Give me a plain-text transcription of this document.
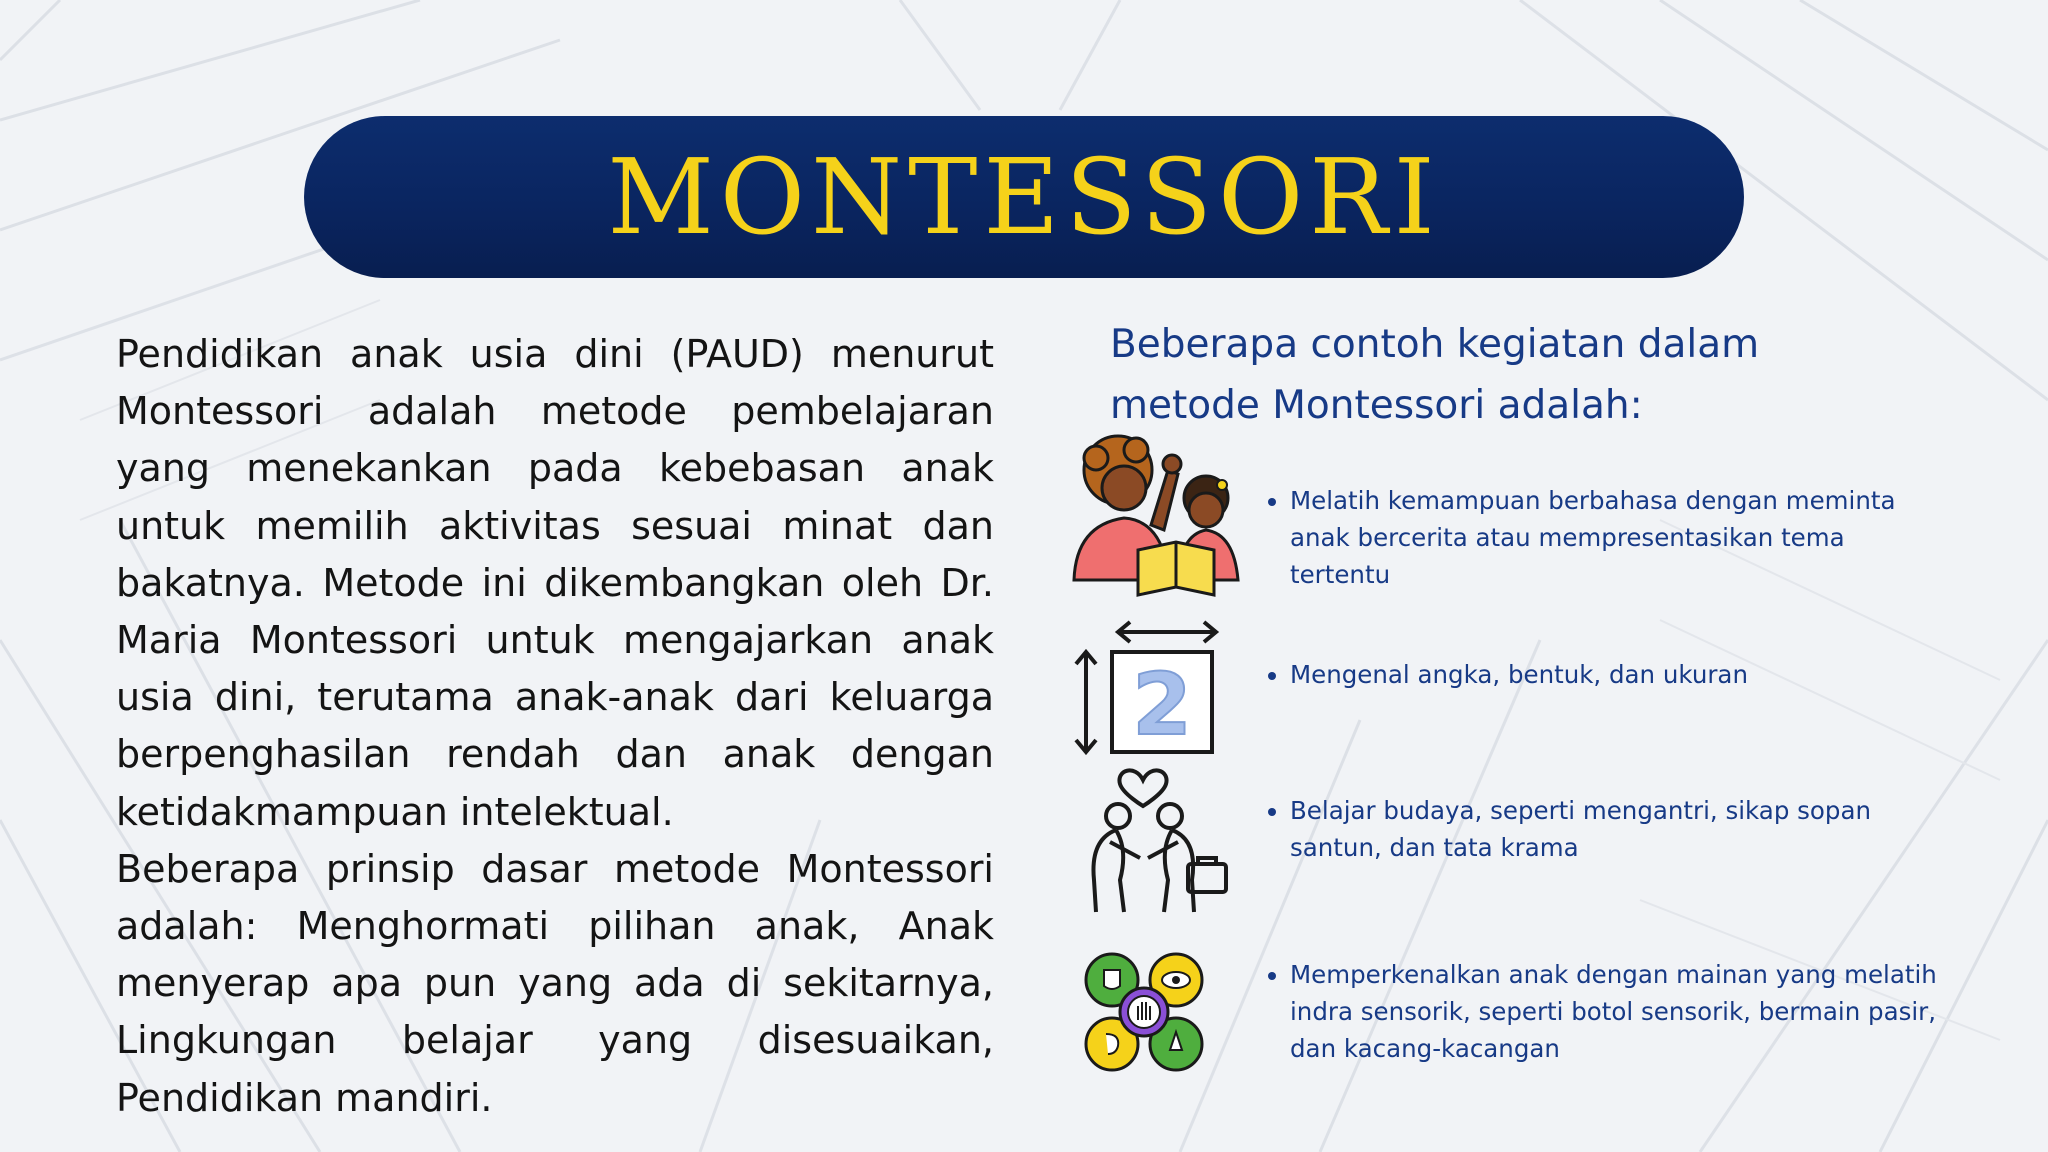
MONTESSORI

Pendidikan anak usia dini (PAUD) menurut Montessori adalah metode pembelajaran yang menekankan pada kebebasan anak untuk memilih aktivitas sesuai minat dan bakatnya. Metode ini dikembangkan oleh Dr. Maria Montessori untuk mengajarkan anak usia dini, terutama anak-anak dari keluarga berpenghasilan rendah dan anak dengan ketidakmampuan intelektual.

Beberapa prinsip dasar metode Montessori adalah: Menghormati pilihan anak, Anak menyerap apa pun yang ada di sekitarnya, Lingkungan belajar yang disesuaikan, Pendidikan mandiri.

Beberapa contoh kegiatan dalam metode Montessori adalah:
Melatih kemampuan berbahasa dengan meminta anak bercerita atau mempresentasikan tema tertentu
2	Mengenal angka, bentuk, dan ukuran
Belajar budaya, seperti mengantri, sikap sopan santun, dan tata krama
Memperkenalkan anak dengan mainan yang melatih indra sensorik, seperti botol sensorik, bermain pasir, dan kacang-kacangan
